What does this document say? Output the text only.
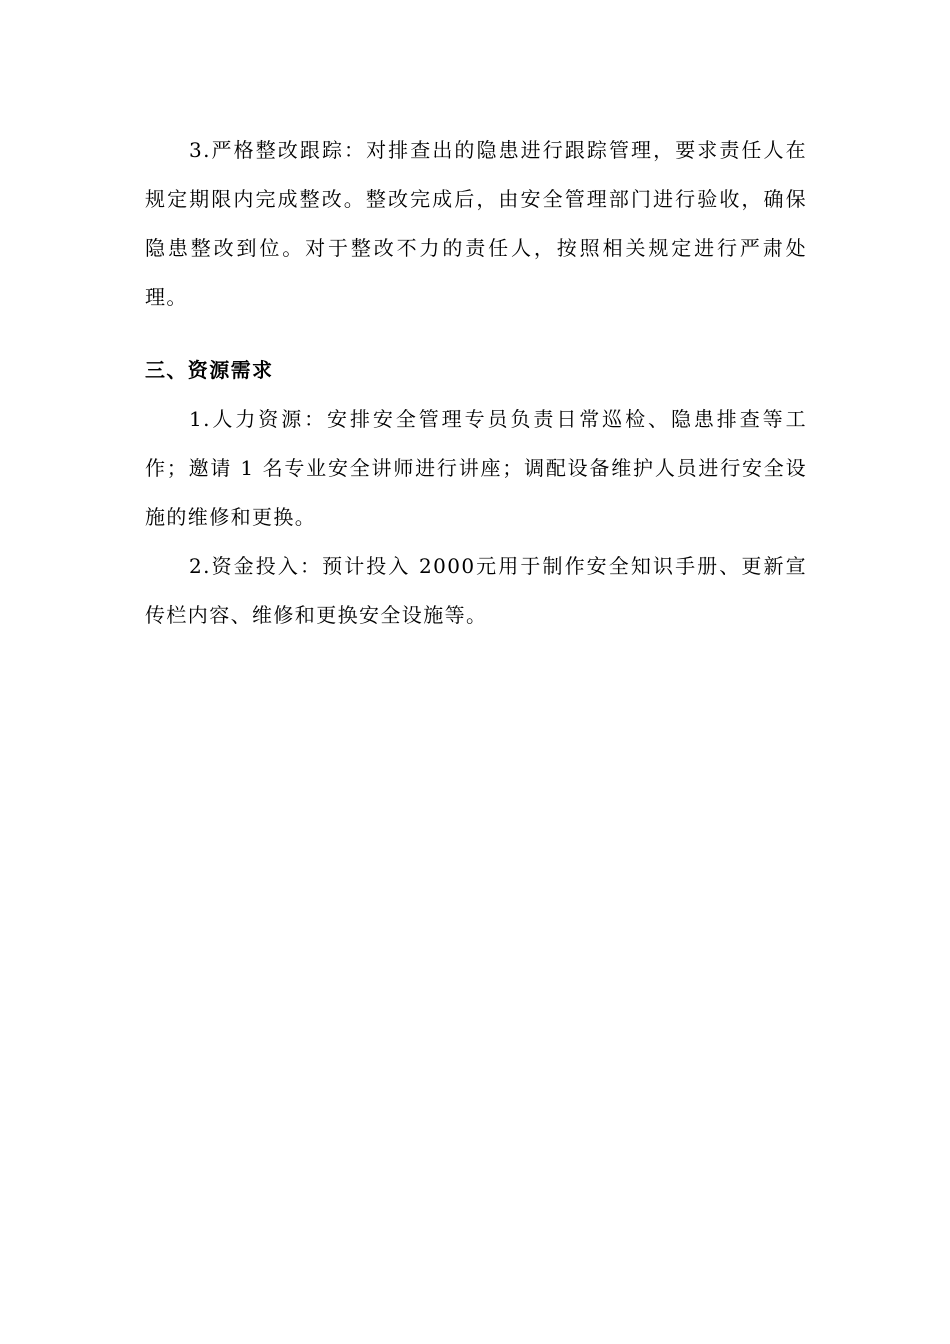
3.严格整改跟踪：对排查出的隐患进行跟踪管理，要求责任人在规定期限内完成整改。整改完成后，由安全管理部门进行验收，确保隐患整改到位。对于整改不力的责任人，按照相关规定进行严肃处理。

三、资源需求

1.人力资源：安排安全管理专员负责日常巡检、隐患排查等工作；邀请 1 名专业安全讲师进行讲座；调配设备维护人员进行安全设施的维修和更换。

2.资金投入：预计投入 2000元用于制作安全知识手册、更新宣传栏内容、维修和更换安全设施等。
